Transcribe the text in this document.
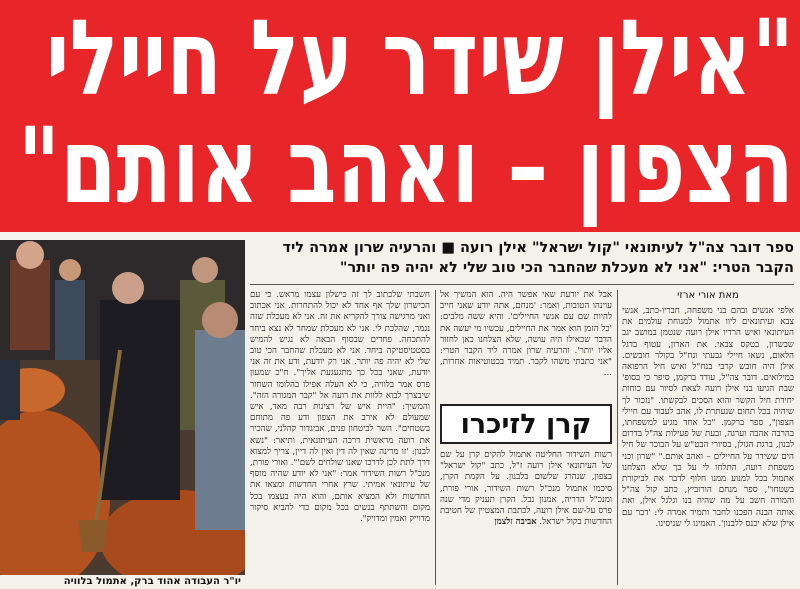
"אילן שידר על חיילי
הצפון – ואהב אותם"
יו"ר העבודה אהוד ברק, אתמול בלוויה
ספר דובר צה"ל לעיתונאי "קול ישראל" אילן רועה ■ והרעיה שרון אמרה ליד
הקבר הטרי: "אני לא מעכלת שהחבר הכי טוב שלי לא יהיה פה יותר"
מאת אורי ארזי
אלפי אנשים ובהם בני משפחה, חבריו-כתב, אנשי צבא ועיתונאים ליוו אתמול למנוחת עולמים את העיתונאי ואיש הרדיו אילן רועה שנטמן במושב יגב שבשרון, בטקס צבאי. את הארון, עטוף בדגל הלאום, נשאו חיילי גבעתי ונח"ל בקולר חובשים. אילן היה חובש קרבי בנח"ל ואיש חיל הרפואה במילואים. דובר צה"ל, עודד ברקמן, סיפר כי בסופ' שבת הגיעו בני אילן רועה לצאת לסיור עם כוחות יחידת חיל הקשר והוא הסכים לבקשתו. "נזכור לך שיהיה בכל תחום שנעתרת לו, אהב לעבוד עם חיילי הצפון", ספר ברקמן. "כל אחד מגיע למשפחתו, בהרבה אהבה וערגה, ובעת של פעילות צה"ל בדרום לבנון, ברגת הגולן, בסיורי הבט"ש על הבוכר של חיל הים ששידר על החיילים – ואהב אותם." "שרון וכני משפחת רועה, התלחו לי על כך שלא הצלחנו אתמול בכל למנוע ממנו חלוף לדבר את לביקורת בשטחו", ספר מנחם הורוביץ, כתב קול צה"ל והמורה חשב על מה שהיה בנו וגלגל אילן, ואת אותה הבנה הפכנו לחבר ותמיד אמרה לי: 'דבר עם אילן שלא יכנס ללבנון'. האמינו לי שניסינו.
אבל את יודעת שאי אפשר היה. הוא המשיך אל עוינהו הטובות, ואמר: 'מנחם, אתה יודע שאני חייב להיות שם עם אנשי החיילים'. והיא ששה מלבים: 'כל הזמן הוא אמר את החיילים, עכשיו מי יעשה את הדבר שכאילו היה עושה, שלא הצלחנו כאן לחזור אליו יותר'. והרעיה שרון אמרה ליד הקבר הטרי: "אני כתבתי משהו לקבר. תמיד בכטוטיאות אחרות, ...
קרן לזיכרו
רשות השידור החליטה אתמול להקים קרן על שם של העיתונאי אילן רועה ז"ל, כתב "קול ישראל" בצפון, שנהרג שלשום בלבנון. על הקמת הקרן, סיכמו אתמול מנכ"ל רשות השידור, אורי פורת, ומנכ"ל הדריה, אמנון נבל. הקרן תעניק מדי שנה פרס על-שם אילן רועה, לכתבת המצטיין של חטיבת החדשות בקול ישראל. אביבה זלצמן
חשבתי שלכתוב לך זה כישלון עצמו מראש. כי עם הכישרון שלך אף אחד לא יכול להתחרות. אני אכתוב ואני מרגישה צורך להקריא את זה. אני לא מעכלת שזה נגמר, שהלכת לי. אני לא מעכלת שמחר לא נצא ביחד להתכחה. פחדים שבסוף הבאה לא נגיש להמיש בסטטיסטיקה ביחד. אני לא מעכלת שהחבר הכי טוב שלי לא יהיה פה יותר. אני רק יודעת, ודע את זה אני יודעת, שאני בכל כך מתגעגעת אליך". ח"כ שמעון פרס אמר בלוויה, כי לא העלה אפילו בהלומו השחור שיבצרך לבוא ללוות את רועה אל "קבר המגורה הזה". והמשיך: "היית איש של רצינות רבה מאד, איש שמעולם לא אירב את הצפון ודע פה מתוחם בשטחים". השר לביטחון פנים, אביגדור קהלני, שהכיר את רועה מראשית דרכה העיתונאית, ותיאר: "נשא לבנון: 'זו מרינה שאין לה דין ואין לה דיין, צריך למצוא דרך לתת לכן לדרכו שאנו שולחים לשם'". ואורי פורת, מנכ"ל רשות השידור אמר: "אני לא יודע שהיה מוסף של עיתונאי אמיתי. שרץ אחרי החדשות ומצאו את החדשות ולא המציא אותם, והוא היה בעצמו בכל מקום והשתתף בנשים בכל מקום כדי להביא סיקור מדוייק ואמין ומדויק".
